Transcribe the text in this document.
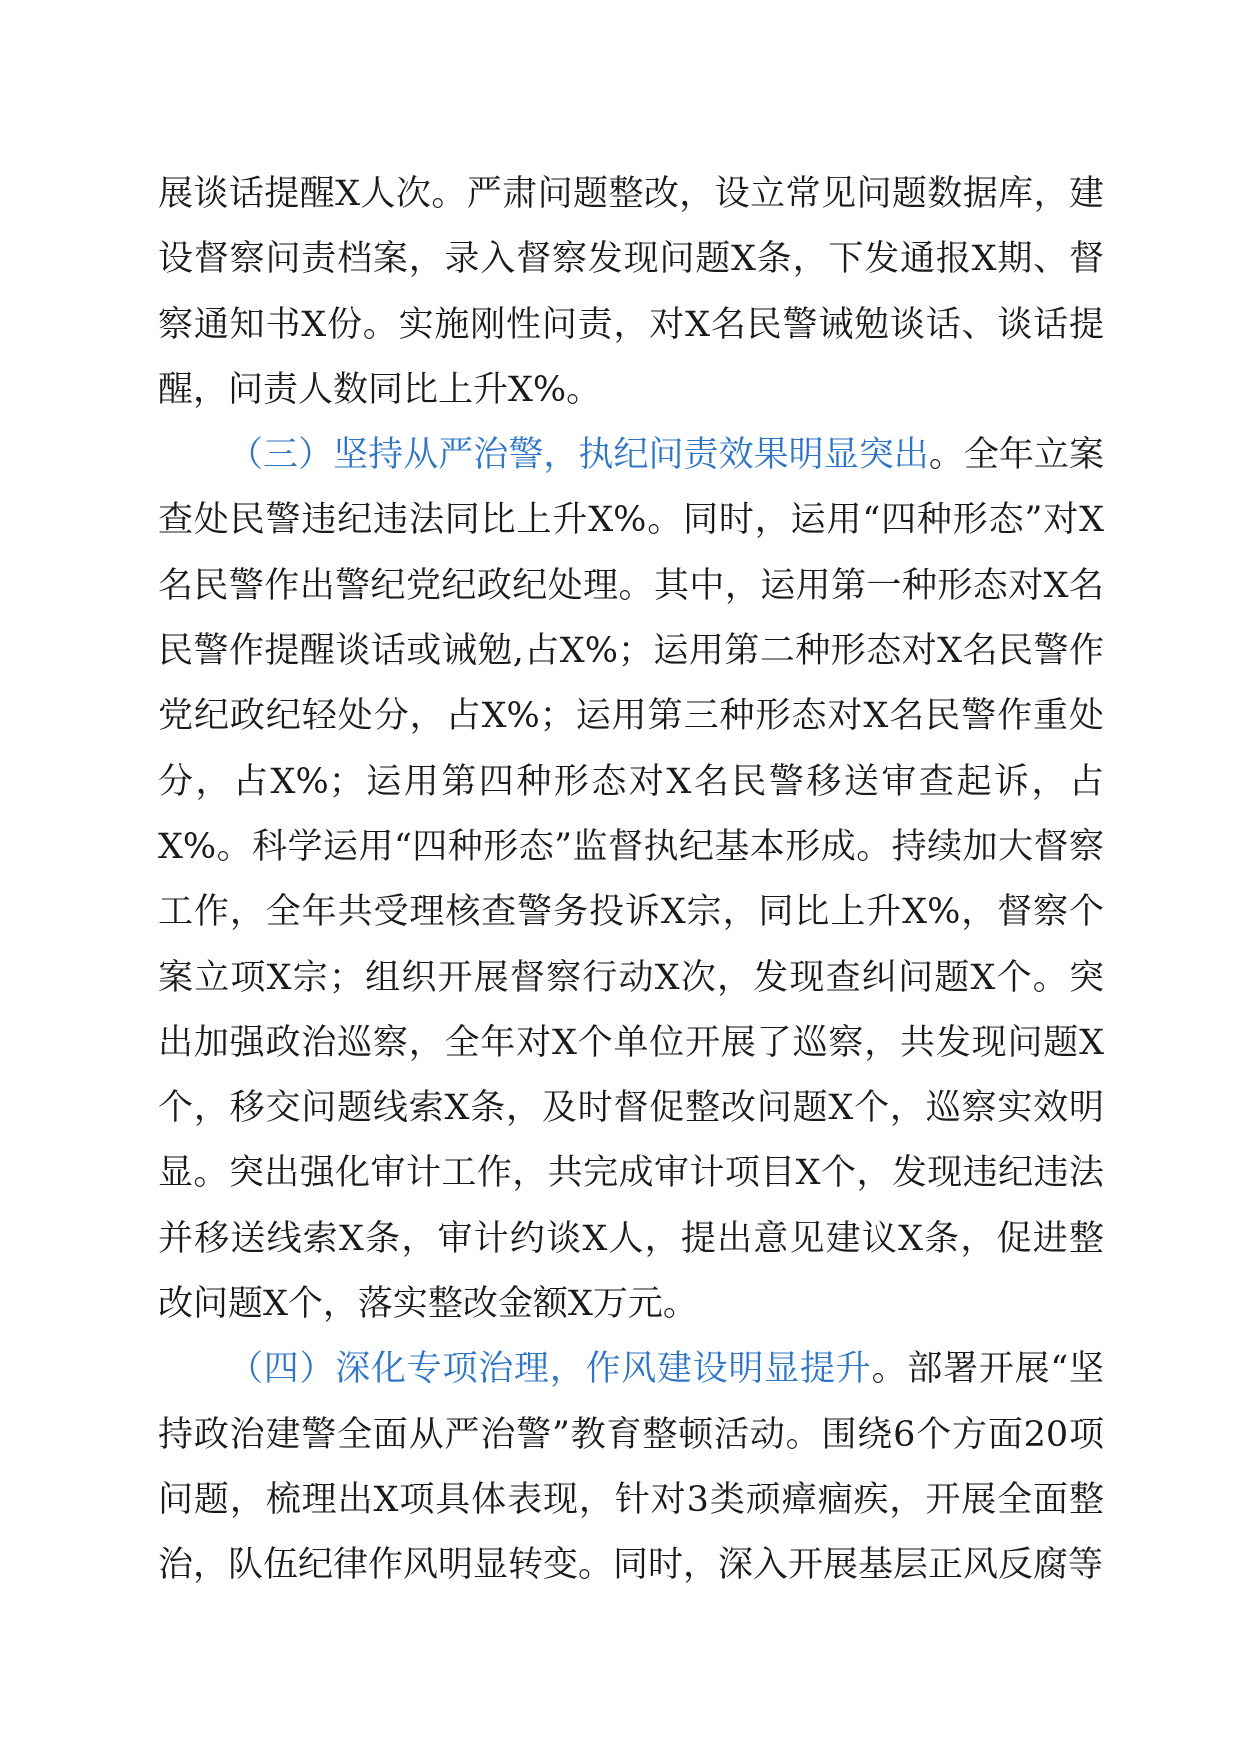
展谈话提醒X人次。严肃问题整改，设立常见问题数据库，建设督察问责档案，录入督察发现问题X条，下发通报X期、督察通知书X份。实施刚性问责，对X名民警诫勉谈话、谈话提醒，问责人数同比上升X%。

（三）坚持从严治警，执纪问责效果明显突出。全年立案查处民警违纪违法同比上升X%。同时，运用“四种形态”对X名民警作出警纪党纪政纪处理。其中，运用第一种形态对X名民警作提醒谈话或诫勉,占X%；运用第二种形态对X名民警作党纪政纪轻处分，占X%；运用第三种形态对X名民警作重处分，占X%；运用第四种形态对X名民警移送审查起诉，占X%。科学运用“四种形态”监督执纪基本形成。持续加大督察工作，全年共受理核查警务投诉X宗，同比上升X%，督察个案立项X宗；组织开展督察行动X次，发现查纠问题X个。突出加强政治巡察，全年对X个单位开展了巡察，共发现问题X个，移交问题线索X条，及时督促整改问题X个，巡察实效明显。突出强化审计工作，共完成审计项目X个，发现违纪违法并移送线索X条，审计约谈X人，提出意见建议X条，促进整改问题X个，落实整改金额X万元。

（四）深化专项治理，作风建设明显提升。部署开展“坚持政治建警全面从严治警”教育整顿活动。围绕6个方面20项问题，梳理出X项具体表现，针对3类顽瘴痼疾，开展全面整治，队伍纪律作风明显转变。同时，深入开展基层正风反腐等
